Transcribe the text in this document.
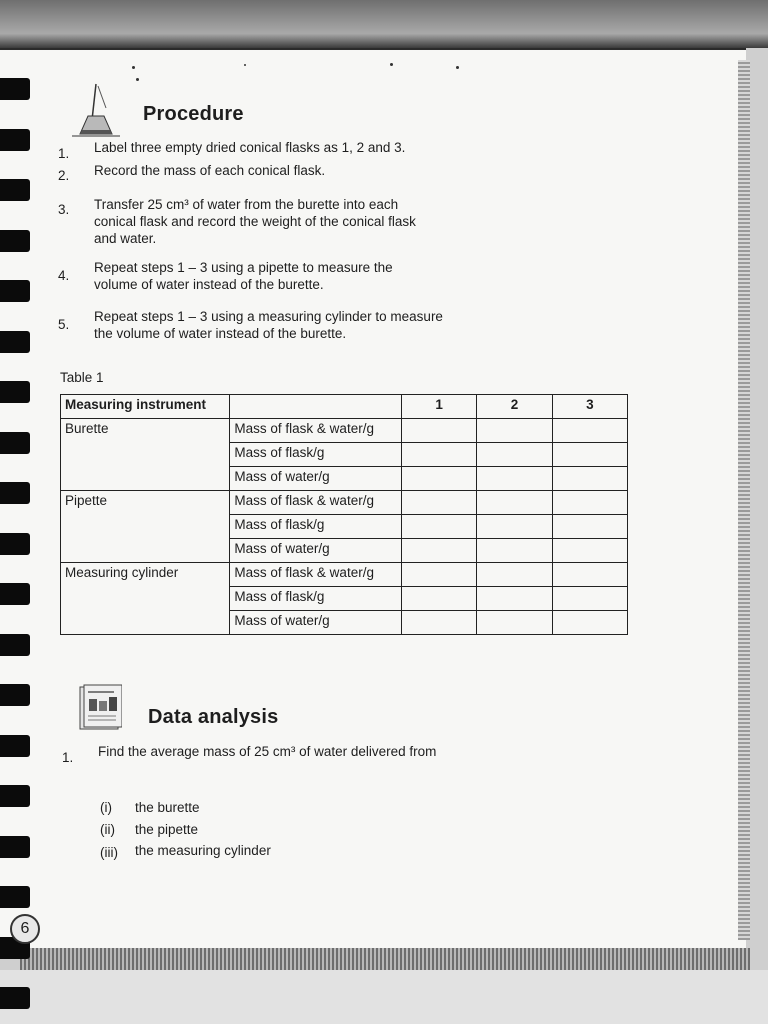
Procedure
1. Label three empty dried conical flasks as 1, 2 and 3.
2. Record the mass of each conical flask.
3. Transfer 25 cm³ of water from the burette into each conical flask and record the weight of the conical flask and water.
4.
Repeat steps 1 – 3 using a pipette to measure the volume of water instead of the burette.
5.
Repeat steps 1 – 3 using a measuring cylinder to measure the volume of water instead of the burette.
Table 1
Measuring instrument		1	2	3
Burette	Mass of flask & water/g			
	Mass of flask/g			
	Mass of water/g			
Pipette	Mass of flask & water/g			
	Mass of flask/g			
	Mass of water/g			
Measuring cylinder	Mass of flask & water/g			
	Mass of flask/g			
	Mass of water/g			
Data analysis
1. Find the average mass of 25 cm³ of water delivered from
(i) the burette
(ii) the pipette
(iii) the measuring cylinder
6
